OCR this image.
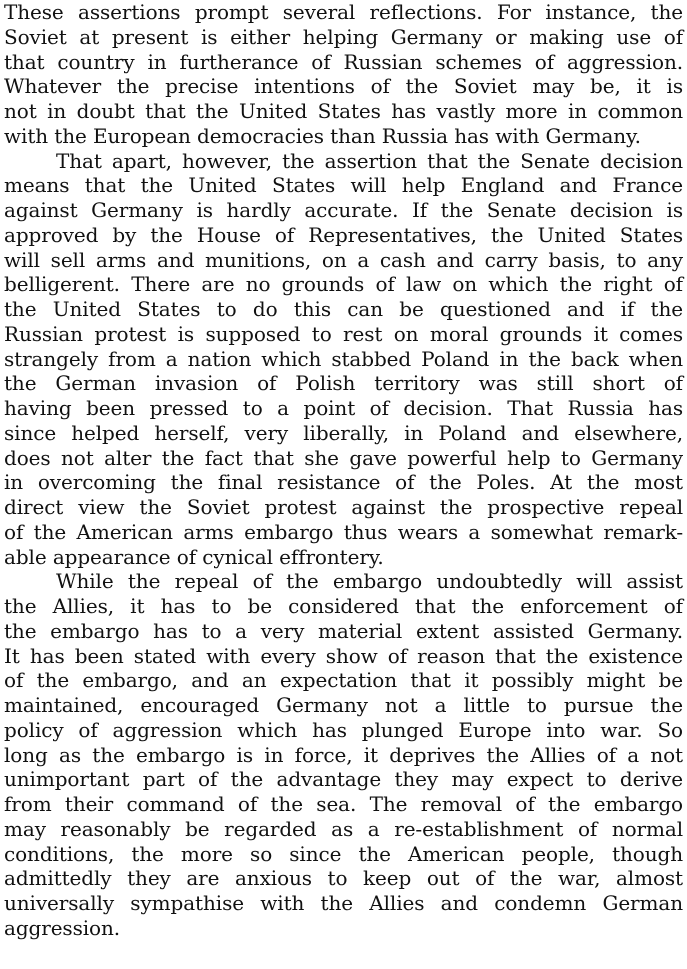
These assertions prompt several reflections. For instance, the
Soviet at present is either helping Germany or making use of
that country in furtherance of Russian schemes of aggression.
Whatever the precise intentions of the Soviet may be, it is
not in doubt that the United States has vastly more in common
with the European democracies than Russia has with Germany.
That apart, however, the assertion that the Senate decision
means that the United States will help England and France
against Germany is hardly accurate. If the Senate decision is
approved by the House of Representatives, the United States
will sell arms and munitions, on a cash and carry basis, to any
belligerent. There are no grounds of law on which the right of
the United States to do this can be questioned and if the
Russian protest is supposed to rest on moral grounds it comes
strangely from a nation which stabbed Poland in the back when
the German invasion of Polish territory was still short of
having been pressed to a point of decision. That Russia has
since helped herself, very liberally, in Poland and elsewhere,
does not alter the fact that she gave powerful help to Germany
in overcoming the final resistance of the Poles. At the most
direct view the Soviet protest against the prospective repeal
of the American arms embargo thus wears a somewhat remark-
able appearance of cynical effrontery.
While the repeal of the embargo undoubtedly will assist
the Allies, it has to be considered that the enforcement of
the embargo has to a very material extent assisted Germany.
It has been stated with every show of reason that the existence
of the embargo, and an expectation that it possibly might be
maintained, encouraged Germany not a little to pursue the
policy of aggression which has plunged Europe into war. So
long as the embargo is in force, it deprives the Allies of a not
unimportant part of the advantage they may expect to derive
from their command of the sea. The removal of the embargo
may reasonably be regarded as a re-establishment of normal
conditions, the more so since the American people, though
admittedly they are anxious to keep out of the war, almost
universally sympathise with the Allies and condemn German
aggression.
